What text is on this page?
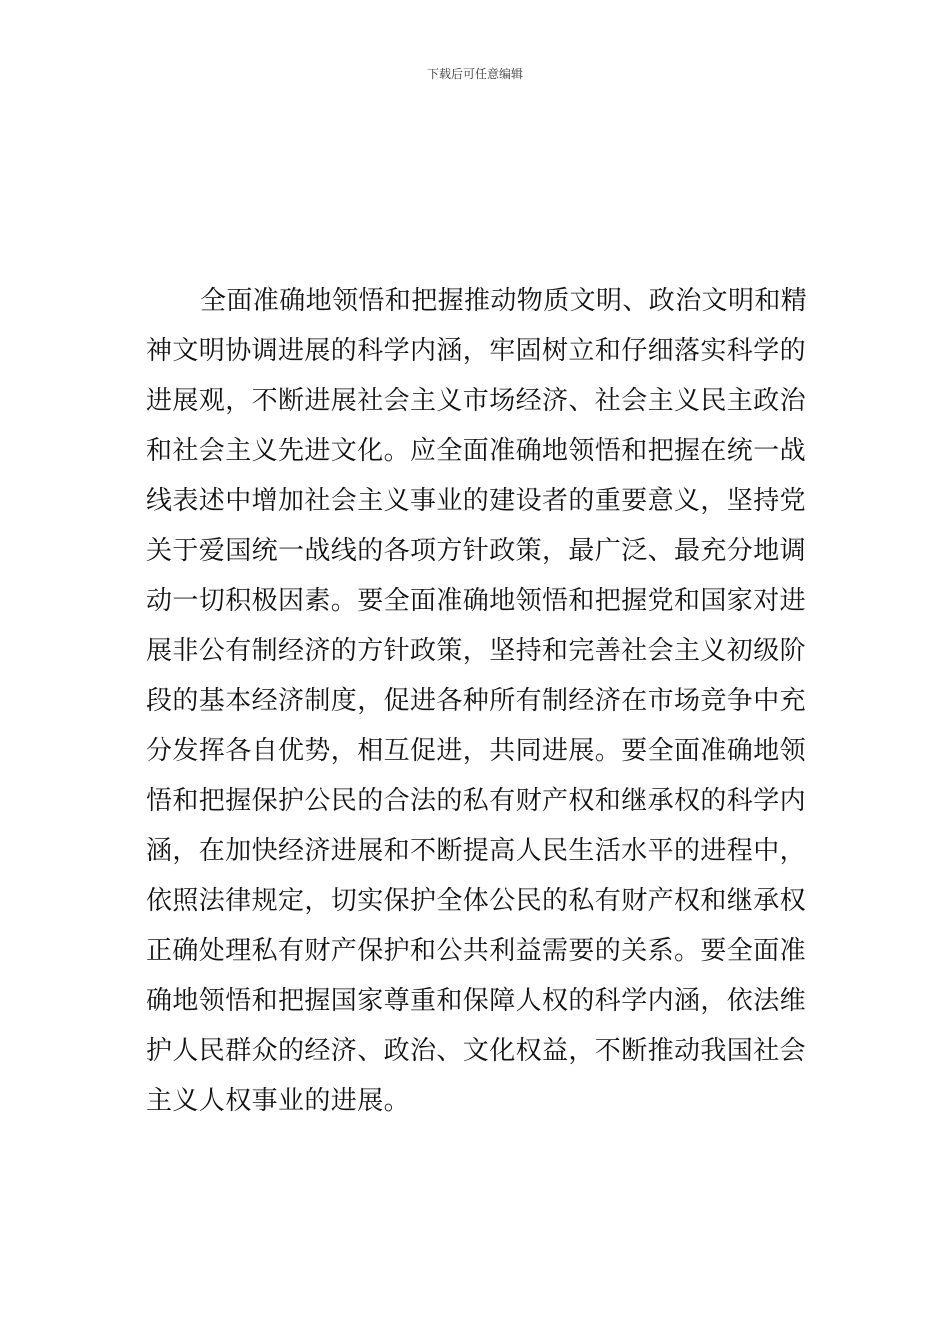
下载后可任意编辑
全面准确地领悟和把握推动物质文明、政治文明和精
神文明协调进展的科学内涵，牢固树立和仔细落实科学的
进展观，不断进展社会主义市场经济、社会主义民主政治
和社会主义先进文化。应全面准确地领悟和把握在统一战
线表述中增加社会主义事业的建设者的重要意义，坚持党
关于爱国统一战线的各项方针政策，最广泛、最充分地调
动一切积极因素。要全面准确地领悟和把握党和国家对进
展非公有制经济的方针政策，坚持和完善社会主义初级阶
段的基本经济制度，促进各种所有制经济在市场竞争中充
分发挥各自优势，相互促进，共同进展。要全面准确地领
悟和把握保护公民的合法的私有财产权和继承权的科学内
涵，在加快经济进展和不断提高人民生活水平的进程中，
依照法律规定，切实保护全体公民的私有财产权和继承权
正确处理私有财产保护和公共利益需要的关系。要全面准
确地领悟和把握国家尊重和保障人权的科学内涵，依法维
护人民群众的经济、政治、文化权益，不断推动我国社会
主义人权事业的进展。
